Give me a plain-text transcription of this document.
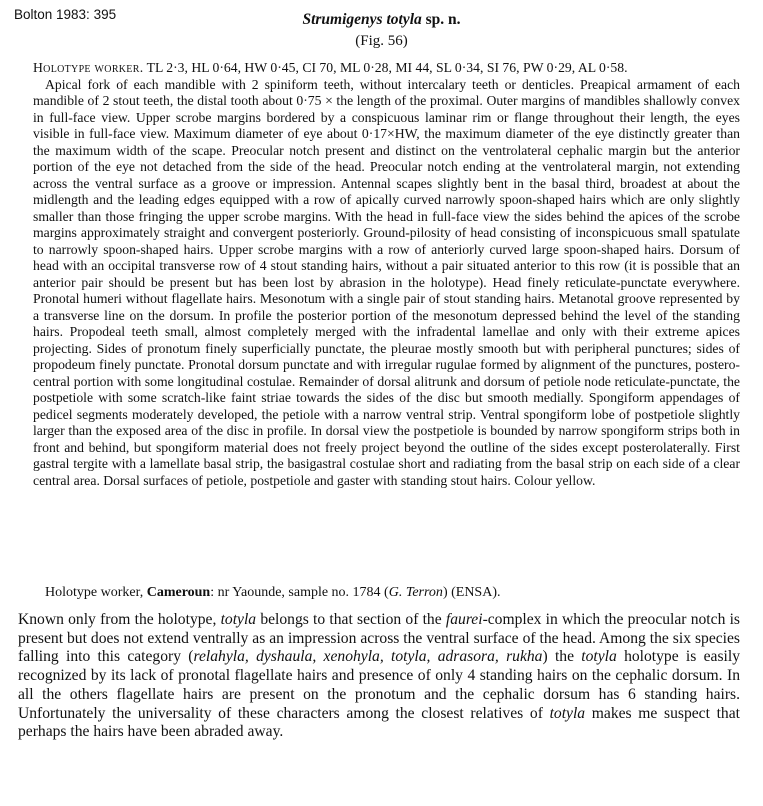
Bolton 1983: 395	Strumigenys totyla sp. n.
(Fig. 56)

Holotype worker. TL 2·3, HL 0·64, HW 0·45, CI 70, ML 0·28, MI 44, SL 0·34, SI 76, PW 0·29, AL 0·58.

Apical fork of each mandible with 2 spiniform teeth, without intercalary teeth or denticles. Preapical armament of each mandible of 2 stout teeth, the distal tooth about 0·75 × the length of the proximal. Outer margins of mandibles shallowly convex in full-face view. Upper scrobe margins bordered by a conspicuous laminar rim or flange throughout their length, the eyes visible in full-face view. Maximum diameter of eye about 0·17×HW, the maximum diameter of the eye distinctly greater than the maximum width of the scape. Preocular notch present and distinct on the ventrolateral cephalic margin but the anterior portion of the eye not detached from the side of the head. Preocular notch ending at the ventrolateral margin, not extending across the ventral surface as a groove or impression. Antennal scapes slightly bent in the basal third, broadest at about the midlength and the leading edges equipped with a row of apically curved narrowly spoon-shaped hairs which are only slightly smaller than those fringing the upper scrobe margins. With the head in full-face view the sides behind the apices of the scrobe margins approximately straight and convergent posteriorly. Ground-pilosity of head consisting of inconspicuous small spatulate to narrowly spoon-shaped hairs. Upper scrobe margins with a row of anteriorly curved large spoon-shaped hairs. Dorsum of head with an occipital transverse row of 4 stout standing hairs, without a pair situated anterior to this row (it is possible that an anterior pair should be present but has been lost by abrasion in the holotype). Head finely reticulate-punctate everywhere. Pronotal humeri without flagellate hairs. Mesonotum with a single pair of stout standing hairs. Metanotal groove represented by a transverse line on the dorsum. In profile the posterior portion of the mesonotum depressed behind the level of the standing hairs. Propodeal teeth small, almost completely merged with the infradental lamellae and only with their extreme apices projecting. Sides of pronotum finely superficially punctate, the pleurae mostly smooth but with peripheral punctures; sides of propodeum finely punctate. Pronotal dorsum punctate and with irregular rugulae formed by alignment of the punctures, postero-central portion with some longitudinal costulae. Remainder of dorsal alitrunk and dorsum of petiole node reticulate-punctate, the postpetiole with some scratch-like faint striae towards the sides of the disc but smooth medially. Spongiform appendages of pedicel segments moderately developed, the petiole with a narrow ventral strip. Ventral spongiform lobe of postpetiole slightly larger than the exposed area of the disc in profile. In dorsal view the postpetiole is bounded by narrow spongiform strips both in front and behind, but spongiform material does not freely project beyond the outline of the sides except posterolaterally. First gastral tergite with a lamellate basal strip, the basigastral costulae short and radiating from the basal strip on each side of a clear central area. Dorsal surfaces of petiole, postpetiole and gaster with standing stout hairs. Colour yellow.

Holotype worker, Cameroun: nr Yaounde, sample no. 1784 (G. Terron) (ENSA).

Known only from the holotype, totyla belongs to that section of the faurei-complex in which the preocular notch is present but does not extend ventrally as an impression across the ventral surface of the head. Among the six species falling into this category (relahyla, dyshaula, xenohyla, totyla, adrasora, rukha) the totyla holotype is easily recognized by its lack of pronotal flagellate hairs and presence of only 4 standing hairs on the cephalic dorsum. In all the others flagellate hairs are present on the pronotum and the cephalic dorsum has 6 standing hairs. Unfortunately the universality of these characters among the closest relatives of totyla makes me suspect that perhaps the hairs have been abraded away.
